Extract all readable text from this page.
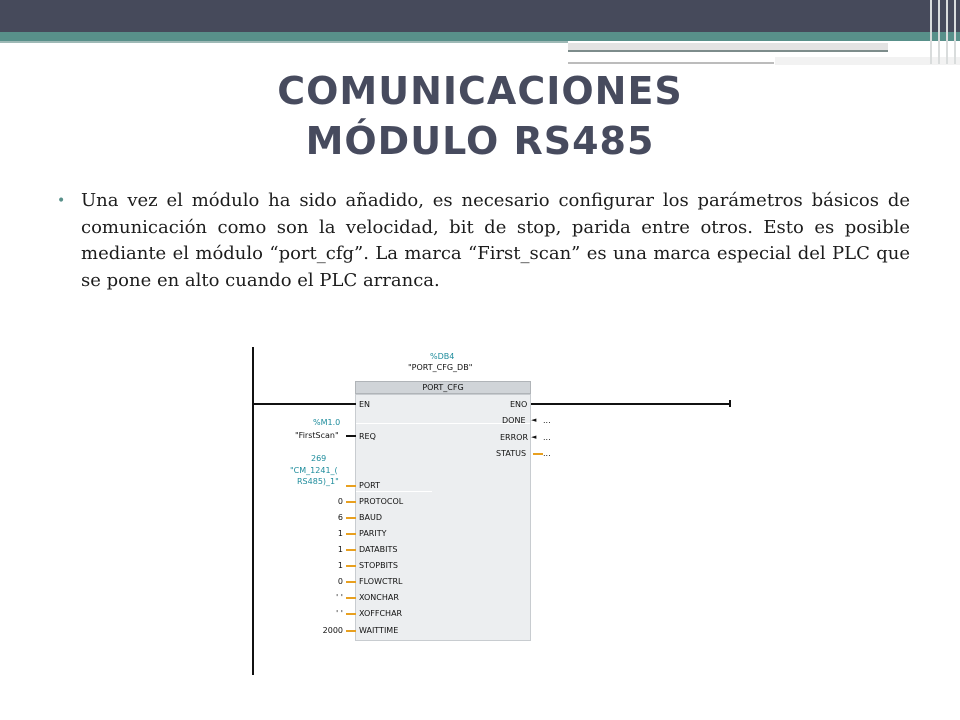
COMUNICACIONES
MÓDULO RS485
• Una vez el módulo ha sido añadido, es necesario configurar los parámetros básicos de comunicación como son la velocidad, bit de stop, parida entre otros. Esto es posible mediante el módulo “port_cfg”. La marca “First_scan” es una marca especial del PLC que se pone en alto cuando el PLC arranca.

%DB4
"PORT_CFG_DB"
PORT_CFG
EN	ENO
DONE ◄ ...
ERROR ◄ ...
STATUS ...
%M1.0
"FirstScan"	REQ
269
"CM_1241_(
RS485)_1"	PORT
0 PROTOCOL
6 BAUD
1 PARITY
1 DATABITS
1 STOPBITS
0 FLOWCTRL
' ' XONCHAR
' ' XOFFCHAR
2000 WAITTIME
